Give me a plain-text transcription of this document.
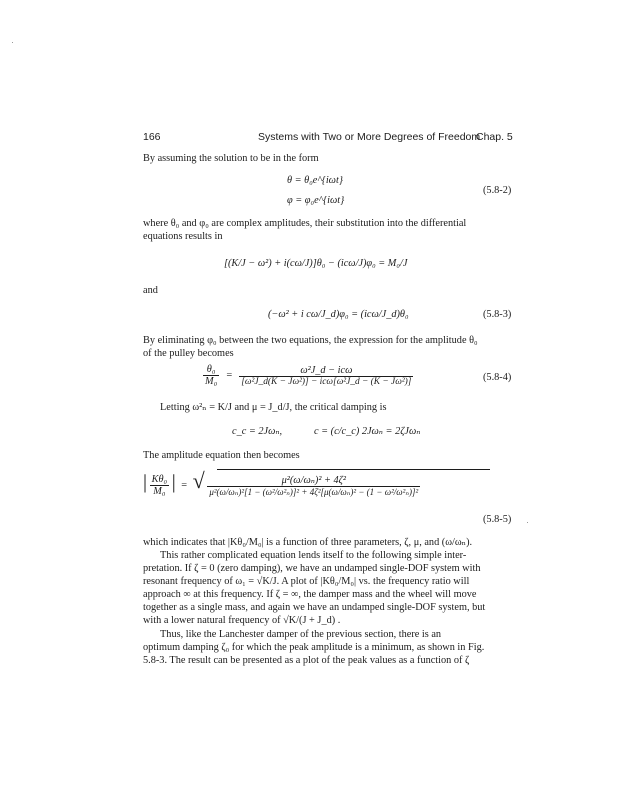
166	Systems with Two or More Degrees of Freedom
Chap. 5
By assuming the solution to be in the form
θ = θ₀e^{iωt}
φ = φ₀e^{iωt}
(5.8-2)
where θ₀ and φ₀ are complex amplitudes, their substitution into the differential
equations results in
[(K/J − ω²) + i(cω/J)]θ₀ − (icω/J)φ₀ = M₀/J
and
(−ω² + i cω/J_d)φ₀ = (icω/J_d)θ₀	(5.8-3)
By eliminating φ₀ between the two equations, the expression for the amplitude θ₀
of the pulley becomes
$\frac{\text{θ₀}}{\text{M₀}} = \frac{\text{ω²J\_d − icω}}{\text{[ω²J\_d(K − Jω²)] − icω[ω²J\_d − (K − Jω²)]}}$	(5.8-4)
Letting ω²ₙ = K/J and μ = J_d/J, the critical damping is
c_c = 2Jωₙ,	c = (c/c_c) 2Jωₙ = 2ζJωₙ
The amplitude equation then becomes
| $\frac{\text{Kθ₀}}{\text{M₀}}$ | = √ $\frac{\text{μ²(ω/ωₙ)² + 4ζ²}}{\text{μ²(ω/ωₙ)²[1 − (ω²/ω²ₙ)]² + 4ζ²[μ(ω/ωₙ)² − (1 − ω²/ω²ₙ)]²}}$
(5.8-5)
which indicates that |Kθ₀/M₀| is a function of three parameters, ζ, μ, and (ω/ωₙ).
This rather complicated equation lends itself to the following simple inter-
pretation. If ζ = 0 (zero damping), we have an undamped single-DOF system with
resonant frequency of ω₁ = √K/J. A plot of |Kθ₀/M₀| vs. the frequency ratio will
approach ∞ at this frequency. If ζ = ∞, the damper mass and the wheel will move
together as a single mass, and again we have an undamped single-DOF system, but
with a lower natural frequency of √K/(J + J_d) .
Thus, like the Lanchester damper of the previous section, there is an
optimum damping ζ₀ for which the peak amplitude is a minimum, as shown in Fig.
5.8-3. The result can be presented as a plot of the peak values as a function of ζ
